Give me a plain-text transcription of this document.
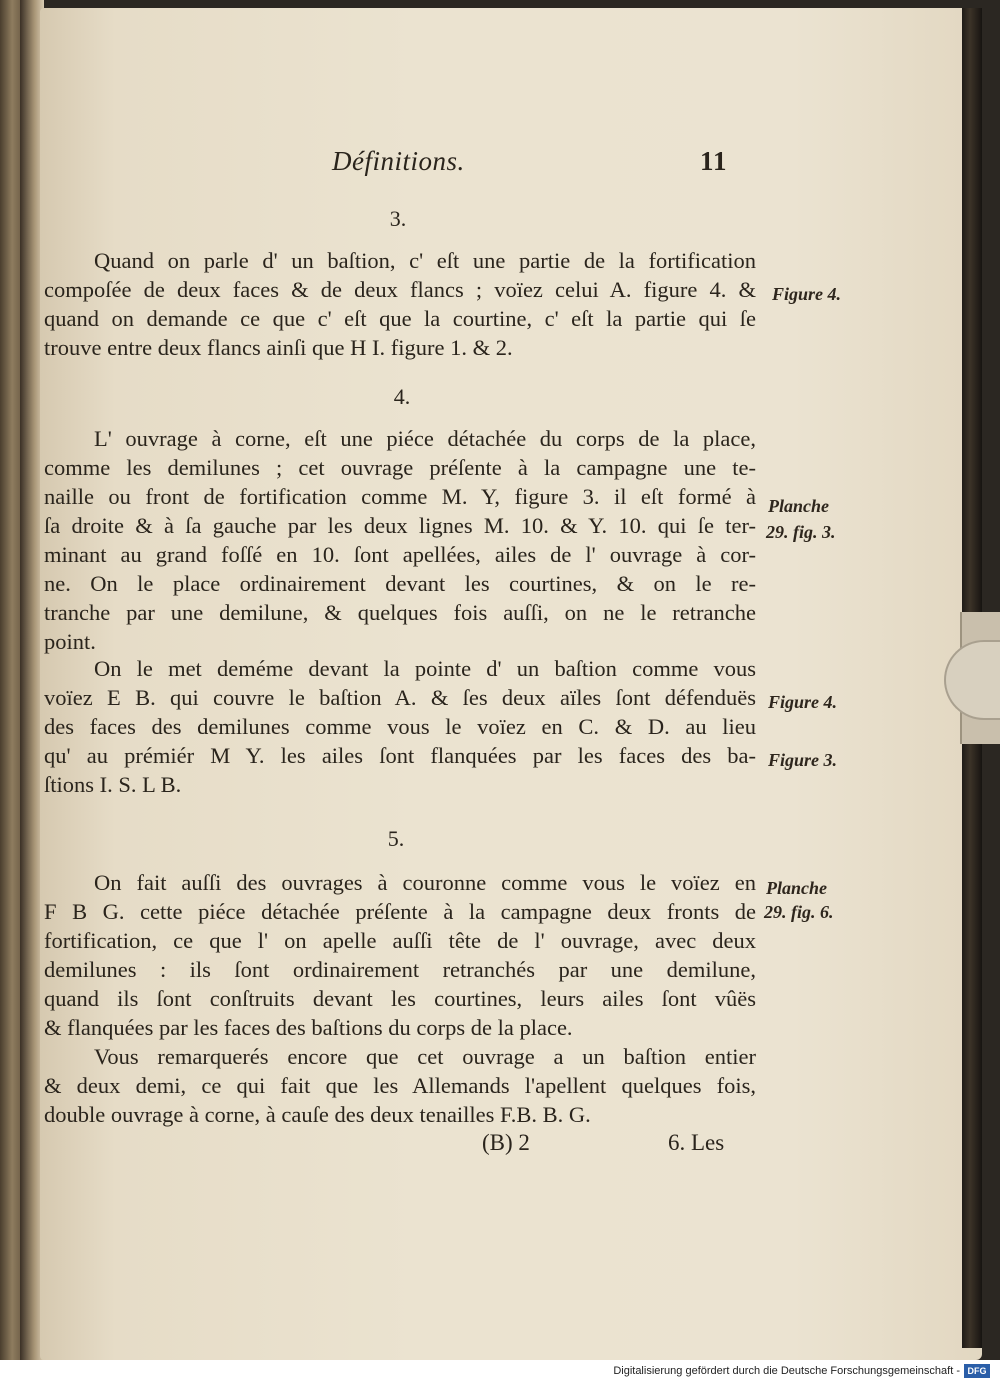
Définitions.	11
3.
Quand on parle d' un baſtion, c' eſt une partie de la fortification
compoſée de deux faces & de deux flancs ; voïez celui A. figure 4. &
quand on demande ce que c' eſt que la courtine, c' eſt la partie qui ſe
trouve entre deux flancs ainſi que H I. figure 1. & 2.
4.
L' ouvrage à corne, eſt une piéce détachée du corps de la place,
comme les demilunes ; cet ouvrage préſente à la campagne une te-
naille ou front de fortification comme M. Y, figure 3. il eſt formé à
ſa droite & à ſa gauche par les deux lignes M. 10. & Y. 10. qui ſe ter-
minant au grand foſſé en 10. ſont apellées, ailes de l' ouvrage à cor-
ne. On le place ordinairement devant les courtines, & on le re-
tranche par une demilune, & quelques fois auſſi, on ne le retranche
point.
On le met deméme devant la pointe d' un baſtion comme vous
voïez E B. qui couvre le baſtion A. & ſes deux aïles ſont défenduës
des faces des demilunes comme vous le voïez en C. & D. au lieu
qu' au prémiér M Y. les ailes ſont flanquées par les faces des ba-
ſtions I. S. L B.
5.
On fait auſſi des ouvrages à couronne comme vous le voïez en
F B G. cette piéce détachée préſente à la campagne deux fronts de
fortification, ce que l' on apelle auſſi tête de l' ouvrage, avec deux
demilunes : ils ſont ordinairement retranchés par une demilune,
quand ils ſont conſtruits devant les courtines, leurs ailes ſont vûës
& flanquées par les faces des baſtions du corps de la place.
Vous remarquerés encore que cet ouvrage a un baſtion entier
& deux demi, ce qui fait que les Allemands l'apellent quelques fois,
double ouvrage à corne, à cauſe des deux tenailles F.B. B. G.
Figure 4.
Planche
29. fig. 3.
Figure 4.
Figure 3.
Planche
29. fig. 6.
(B) 2	6. Les
Digitalisierung gefördert durch die Deutsche Forschungsgemeinschaft - DFG
